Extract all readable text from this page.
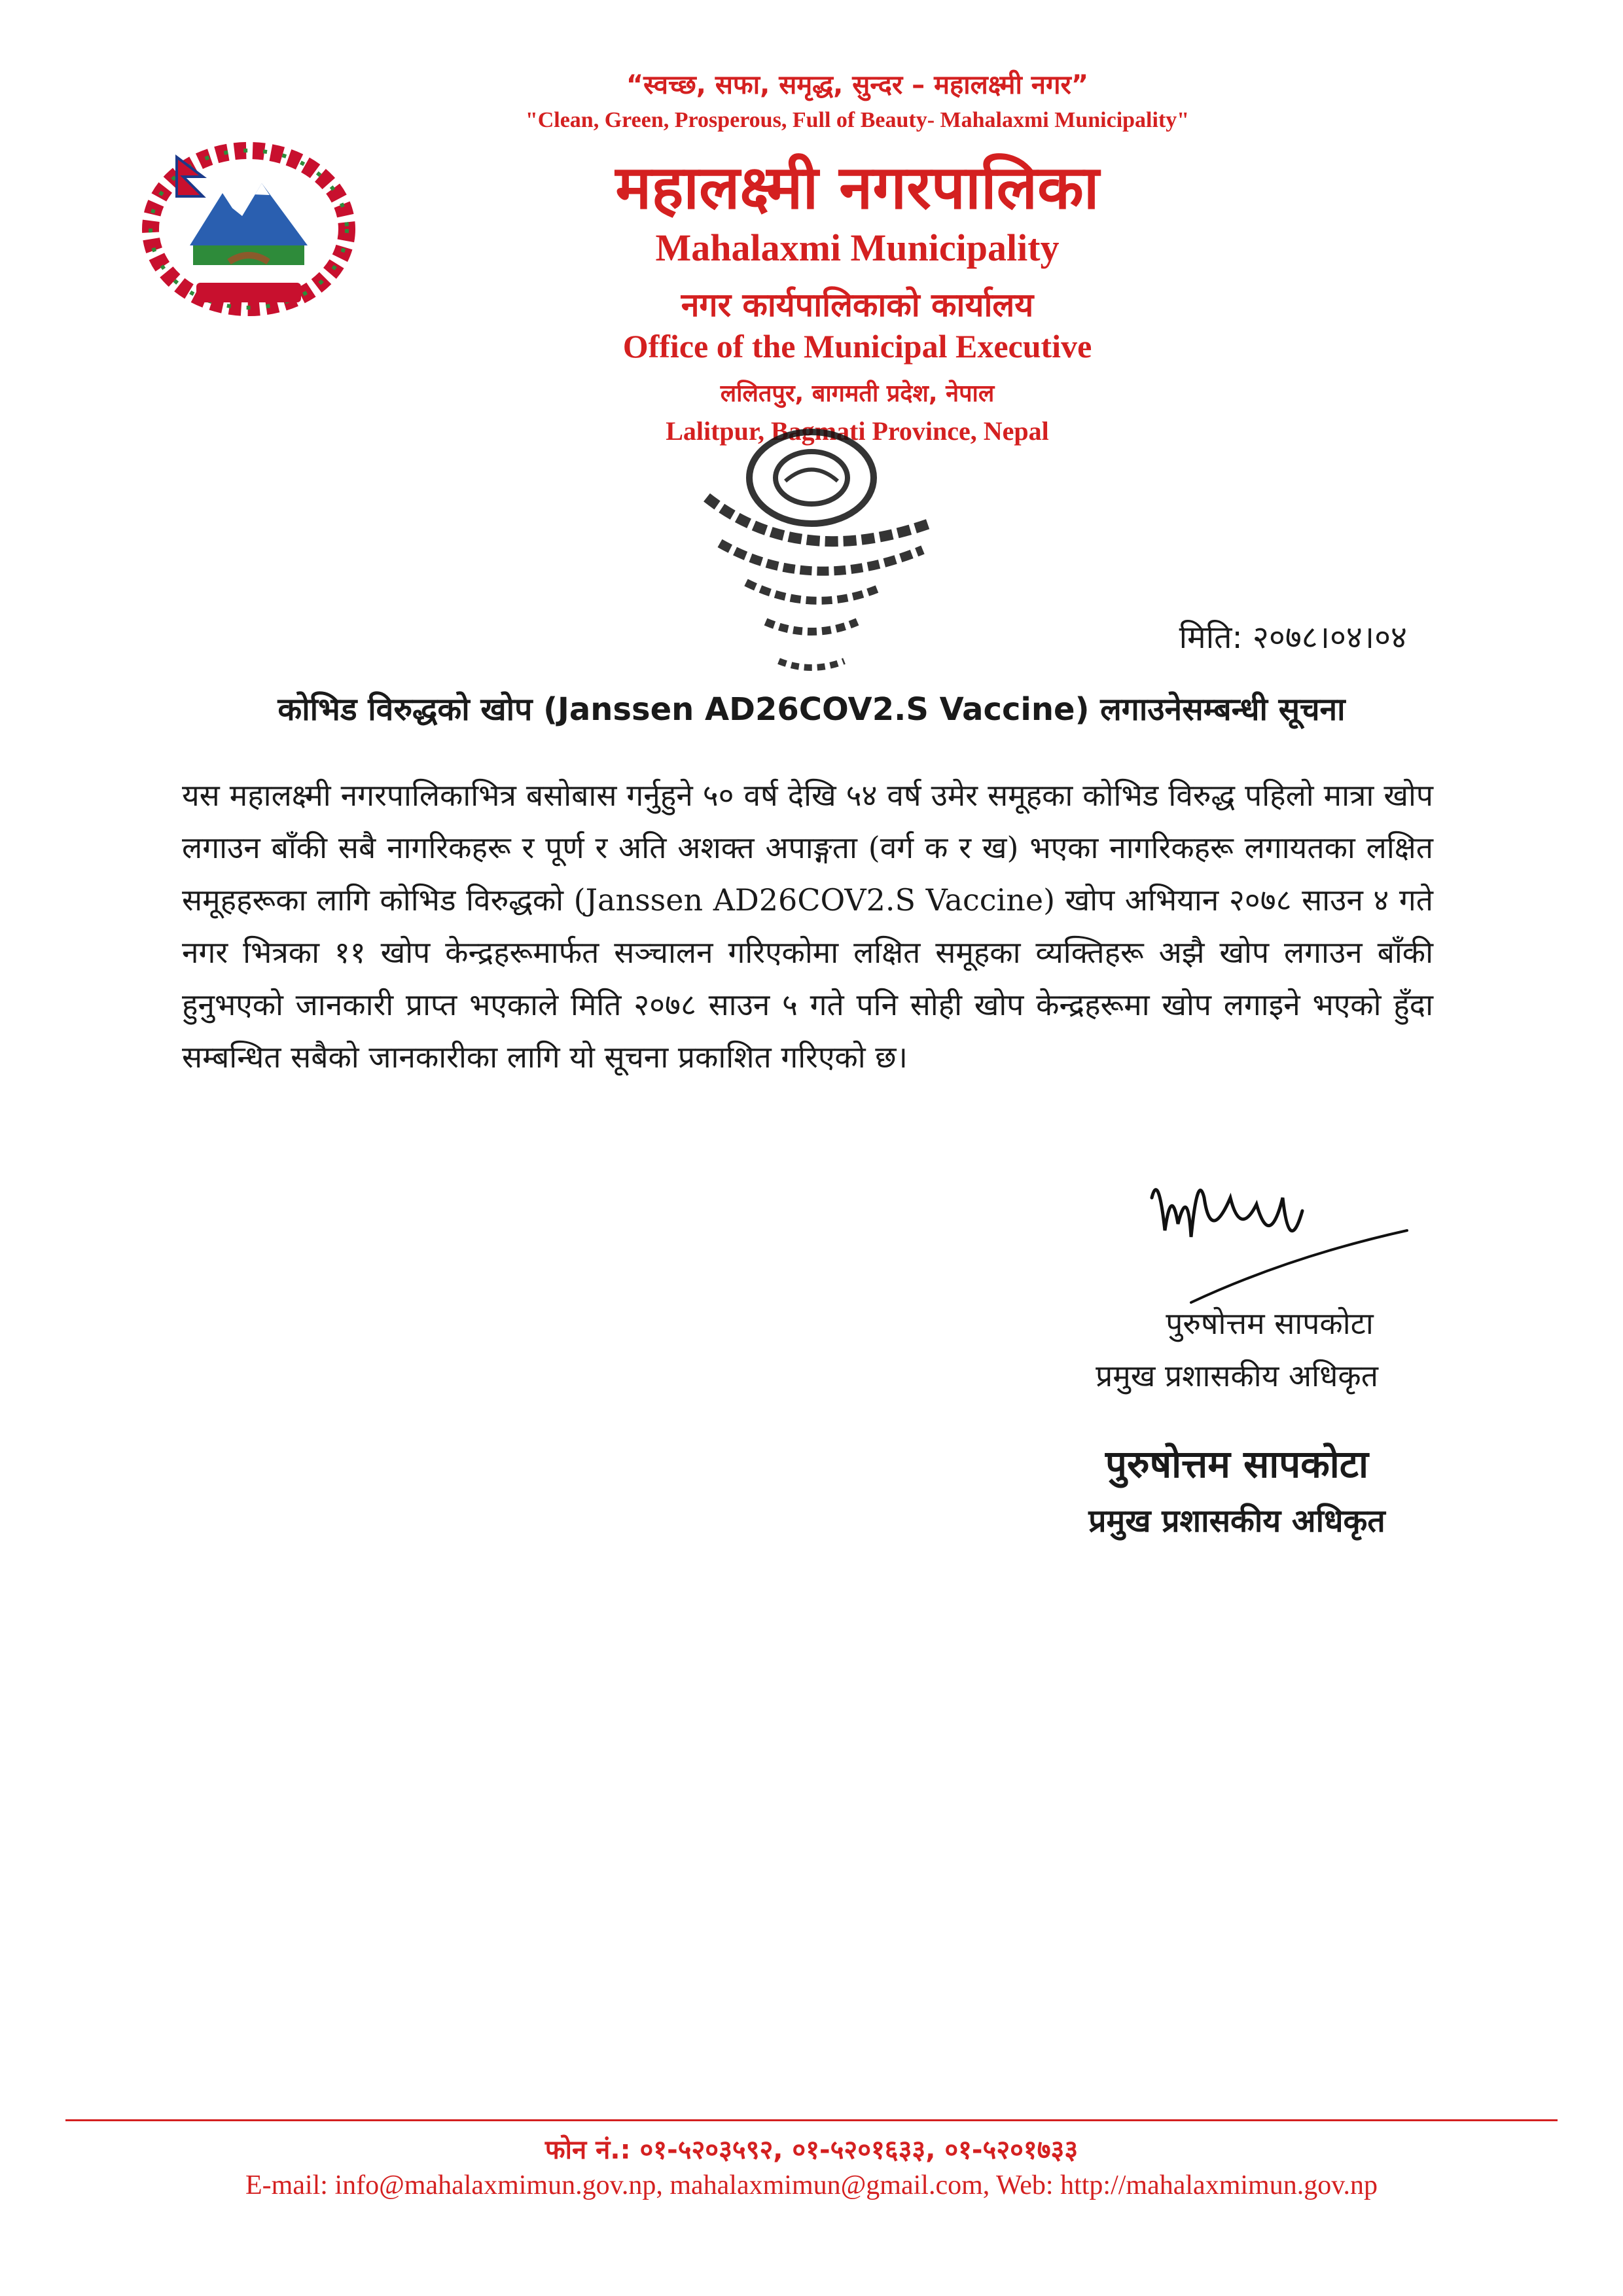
“स्वच्छ, सफा, समृद्ध, सुन्दर – महालक्ष्मी नगर”
"Clean, Green, Prosperous, Full of Beauty- Mahalaxmi Municipality"
महालक्ष्मी नगरपालिका
Mahalaxmi Municipality
नगर कार्यपालिकाको कार्यालय
Office of the Municipal Executive
ललितपुर, बागमती प्रदेश, नेपाल
Lalitpur, Bagmati Province, Nepal
मिति: २०७८।०४।०४
कोभिड विरुद्धको खोप (Janssen AD26COV2.S Vaccine) लगाउनेसम्बन्धी सूचना
यस महालक्ष्मी नगरपालिकाभित्र बसोबास गर्नुहुने ५० वर्ष देखि ५४ वर्ष उमेर समूहका कोभिड विरुद्ध पहिलो मात्रा खोप लगाउन बाँकी सबै नागरिकहरू र पूर्ण र अति अशक्त अपाङ्गता (वर्ग क र ख) भएका नागरिकहरू लगायतका लक्षित समूहहरूका लागि कोभिड विरुद्धको (Janssen AD26COV2.S Vaccine) खोप अभियान २०७८ साउन ४ गते नगर भित्रका ११ खोप केन्द्रहरूमार्फत सञ्चालन गरिएकोमा लक्षित समूहका व्यक्तिहरू अझै खोप लगाउन बाँकी हुनुभएको जानकारी प्राप्त भएकाले मिति २०७८ साउन ५ गते पनि सोही खोप केन्द्रहरूमा खोप लगाइने भएको हुँदा सम्बन्धित सबैको जानकारीका लागि यो सूचना प्रकाशित गरिएको छ।
पुरुषोत्तम सापकोटा
प्रमुख प्रशासकीय अधिकृत
पुरुषोत्तम सापकोटा
प्रमुख प्रशासकीय अधिकृत
फोन नं.: ०१-५२०३५९२, ०१-५२०१६३३, ०१-५२०१७३३
E-mail: info@mahalaxmimun.gov.np, mahalaxmimun@gmail.com, Web: http://mahalaxmimun.gov.np
